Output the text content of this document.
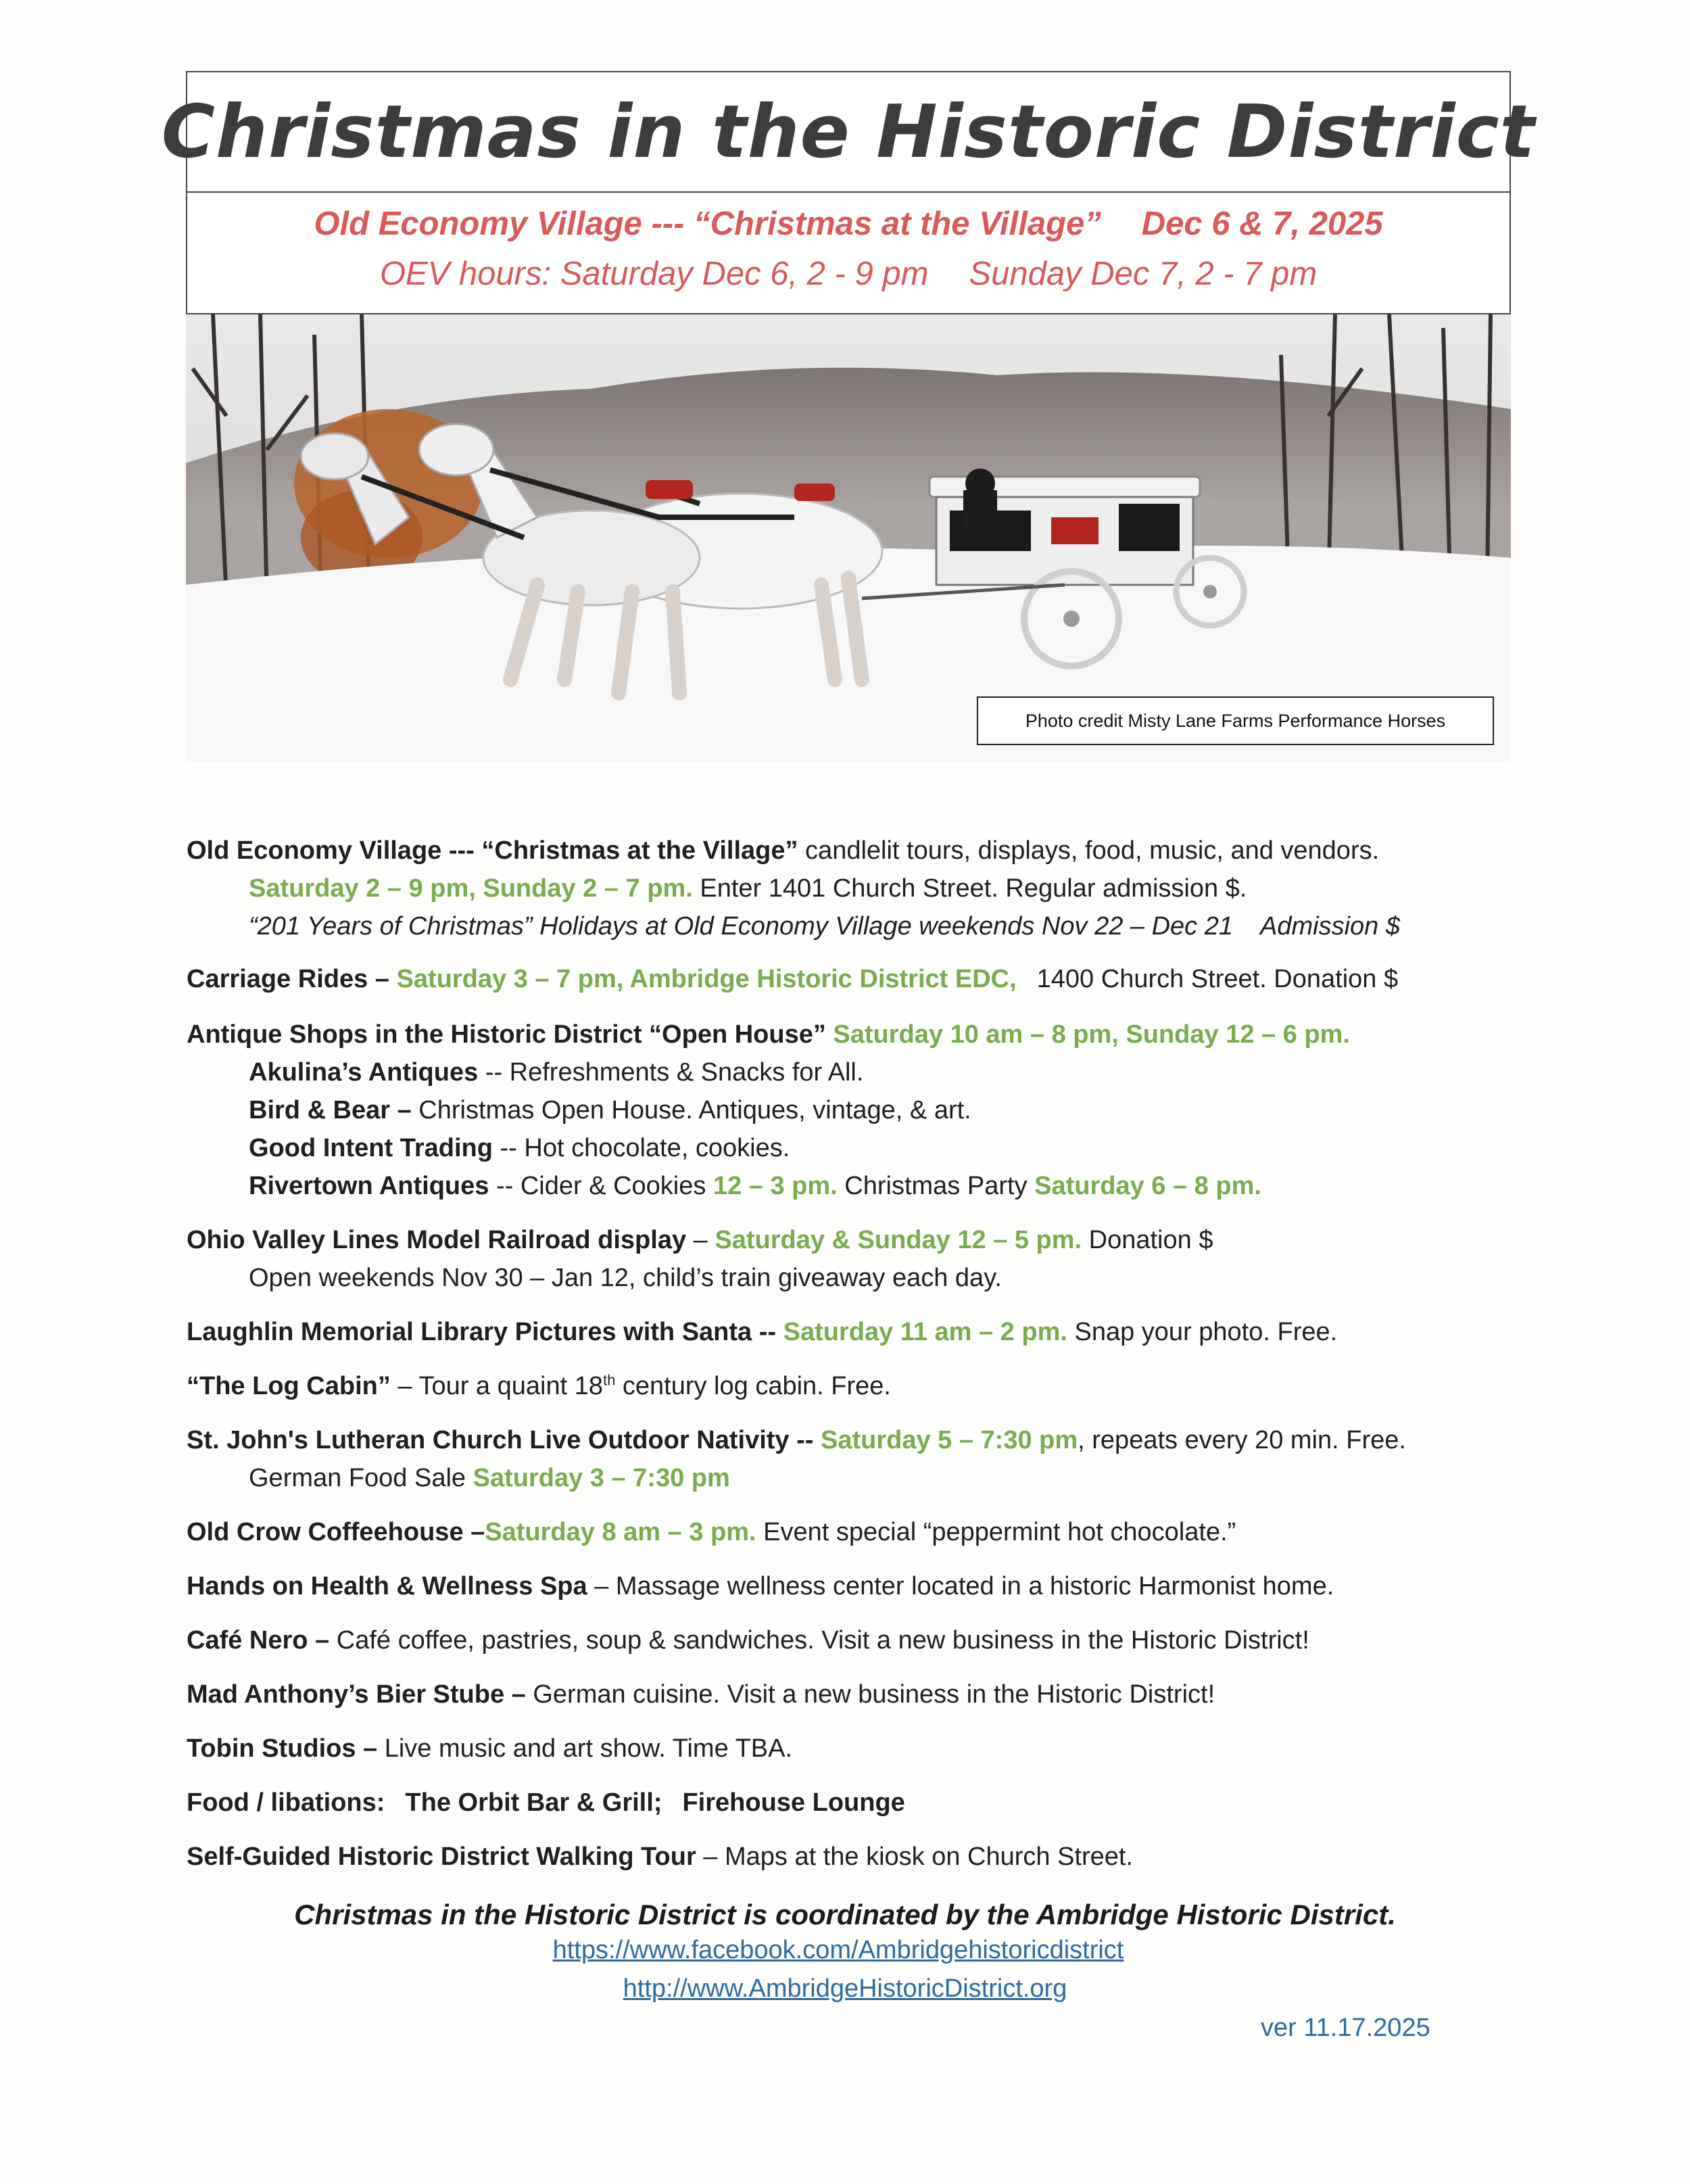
Christmas in the Historic District
Old Economy Village --- “Christmas at the Village” Dec 6 & 7, 2025
OEV hours: Saturday Dec 6, 2 - 9 pm Sunday Dec 7, 2 - 7 pm
Photo credit Misty Lane Farms Performance Horses
Old Economy Village --- “Christmas at the Village” candlelit tours, displays, food, music, and vendors.
Saturday 2 – 9 pm, Sunday 2 – 7 pm. Enter 1401 Church Street. Regular admission $.
“201 Years of Christmas” Holidays at Old Economy Village weekends Nov 22 – Dec 21 Admission $
Carriage Rides – Saturday 3 – 7 pm, Ambridge Historic District EDC, 1400 Church Street. Donation $
Antique Shops in the Historic District “Open House” Saturday 10 am – 8 pm, Sunday 12 – 6 pm.
Akulina’s Antiques -- Refreshments & Snacks for All.
Bird & Bear – Christmas Open House. Antiques, vintage, & art.
Good Intent Trading -- Hot chocolate, cookies.
Rivertown Antiques -- Cider & Cookies 12 – 3 pm. Christmas Party Saturday 6 – 8 pm.
Ohio Valley Lines Model Railroad display – Saturday & Sunday 12 – 5 pm. Donation $
Open weekends Nov 30 – Jan 12, child’s train giveaway each day.
Laughlin Memorial Library Pictures with Santa -- Saturday 11 am – 2 pm. Snap your photo. Free.
“The Log Cabin” – Tour a quaint 18th century log cabin. Free.
St. John's Lutheran Church Live Outdoor Nativity -- Saturday 5 – 7:30 pm, repeats every 20 min. Free.
German Food Sale Saturday 3 – 7:30 pm
Old Crow Coffeehouse –Saturday 8 am – 3 pm. Event special “peppermint hot chocolate.”
Hands on Health & Wellness Spa – Massage wellness center located in a historic Harmonist home.
Café Nero – Café coffee, pastries, soup & sandwiches. Visit a new business in the Historic District!
Mad Anthony’s Bier Stube – German cuisine. Visit a new business in the Historic District!
Tobin Studios – Live music and art show. Time TBA.
Food / libations: The Orbit Bar & Grill; Firehouse Lounge
Self-Guided Historic District Walking Tour – Maps at the kiosk on Church Street.
Christmas in the Historic District is coordinated by the Ambridge Historic District.
https://www.facebook.com/Ambridgehistoricdistrict
http://www.AmbridgeHistoricDistrict.org
ver 11.17.2025
